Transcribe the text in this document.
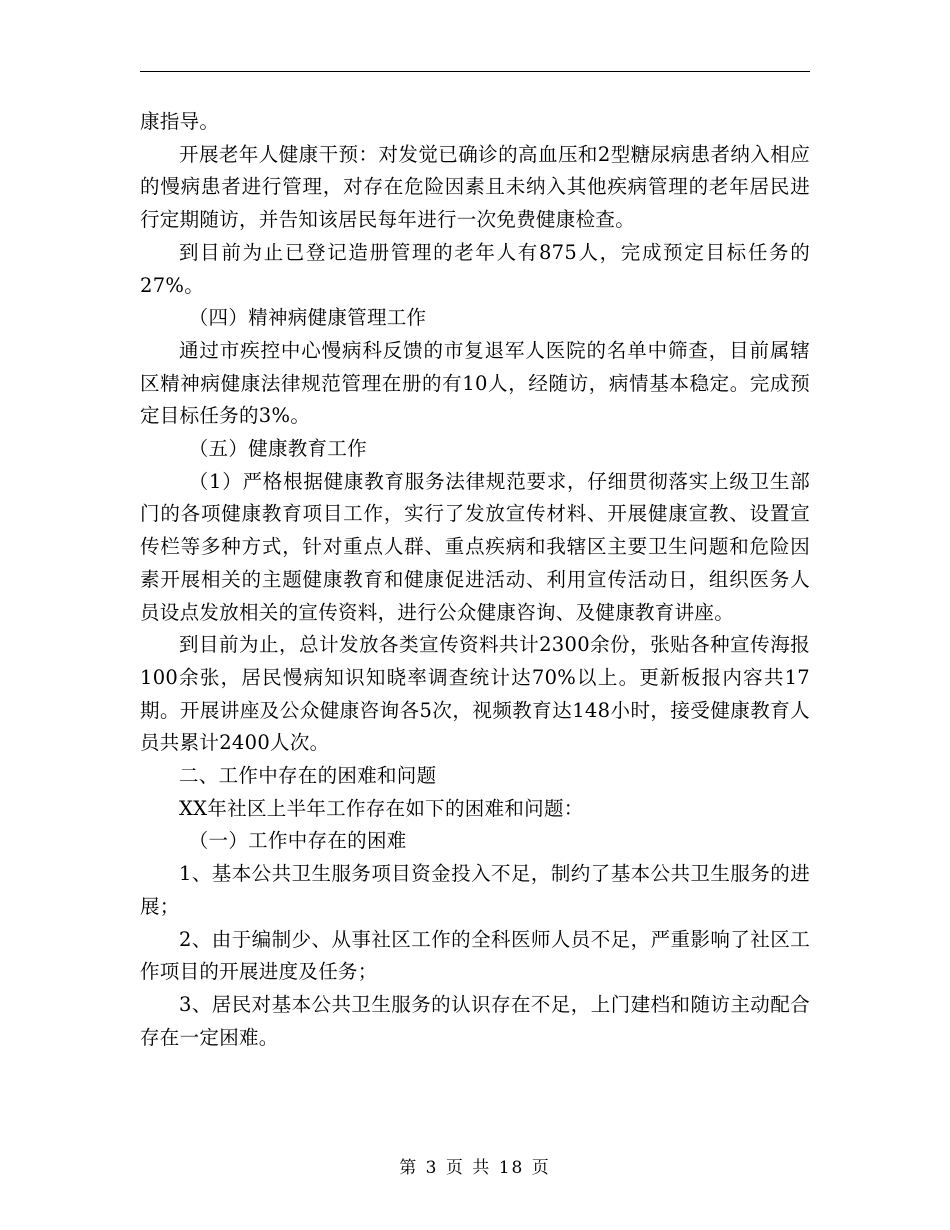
康指导。

开展老年人健康干预：对发觉已确诊的高血压和2型糖尿病患者纳入相应的慢病患者进行管理，对存在危险因素且未纳入其他疾病管理的老年居民进行定期随访，并告知该居民每年进行一次免费健康检查。

到目前为止已登记造册管理的老年人有875人，完成预定目标任务的27%。

（四）精神病健康管理工作

通过市疾控中心慢病科反馈的市复退军人医院的名单中筛查，目前属辖区精神病健康法律规范管理在册的有10人，经随访，病情基本稳定。完成预定目标任务的3%。

（五）健康教育工作

（1）严格根据健康教育服务法律规范要求，仔细贯彻落实上级卫生部门的各项健康教育项目工作，实行了发放宣传材料、开展健康宣教、设置宣传栏等多种方式，针对重点人群、重点疾病和我辖区主要卫生问题和危险因素开展相关的主题健康教育和健康促进活动、利用宣传活动日，组织医务人员设点发放相关的宣传资料，进行公众健康咨询、及健康教育讲座。

到目前为止，总计发放各类宣传资料共计2300余份，张贴各种宣传海报100余张，居民慢病知识知晓率调查统计达70%以上。更新板报内容共17期。开展讲座及公众健康咨询各5次，视频教育达148小时，接受健康教育人员共累计2400人次。

二、工作中存在的困难和问题

XX年社区上半年工作存在如下的困难和问题：

（一）工作中存在的困难

1、基本公共卫生服务项目资金投入不足，制约了基本公共卫生服务的进展；

2、由于编制少、从事社区工作的全科医师人员不足，严重影响了社区工作项目的开展进度及任务；

3、居民对基本公共卫生服务的认识存在不足，上门建档和随访主动配合存在一定困难。

第 3 页 共 18 页
